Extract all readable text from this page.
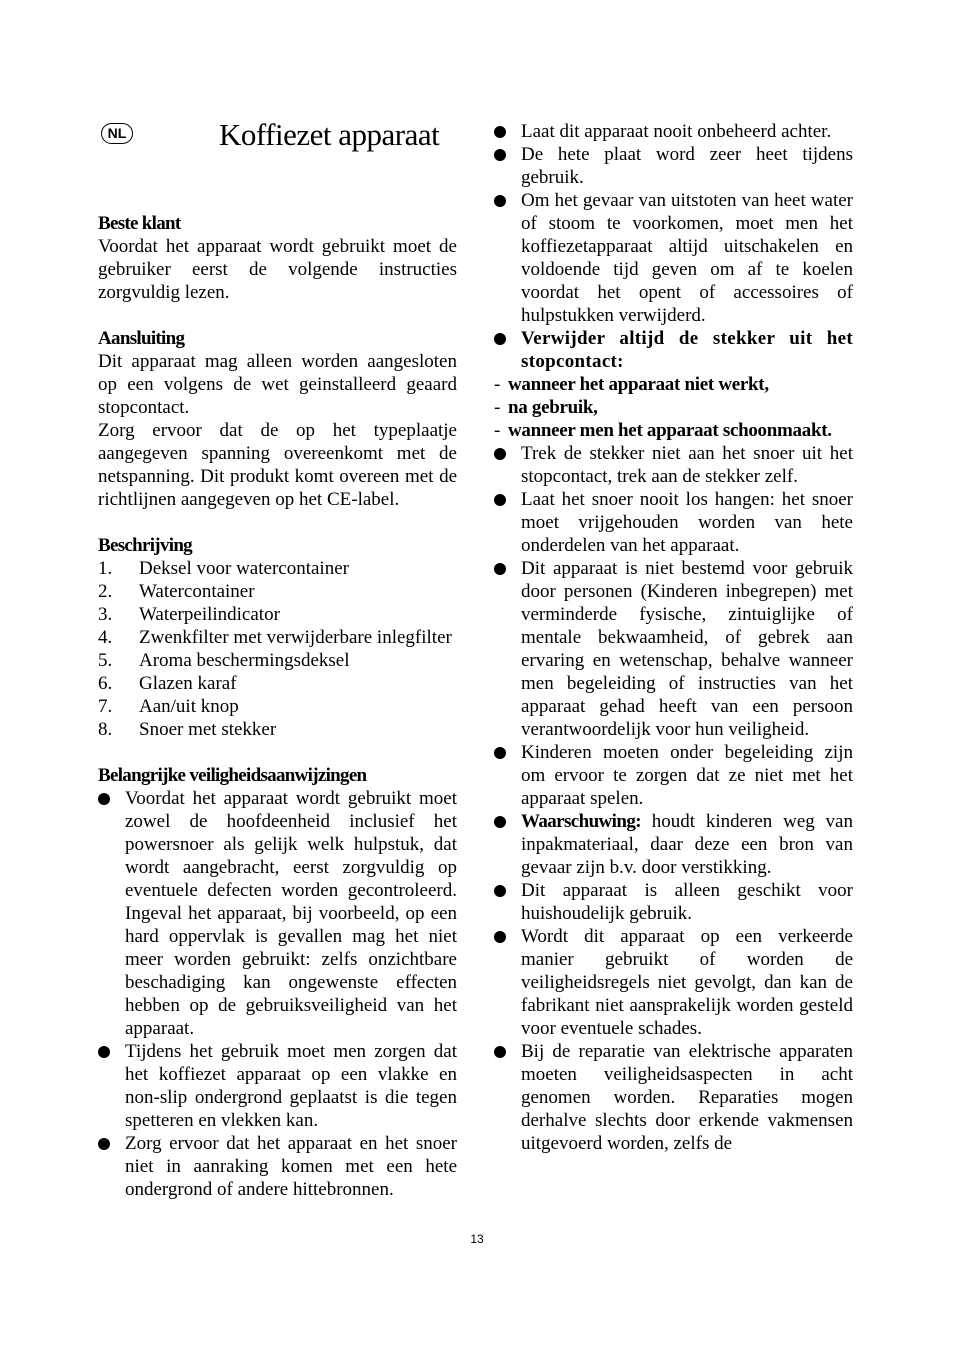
NL	Koffiezet apparaat

Beste klant

Voordat het apparaat wordt gebruikt moet de gebruiker eerst de volgende instructies zorgvuldig lezen.

Aansluiting

Dit apparaat mag alleen worden aangesloten op een volgens de wet geinstalleerd geaard stopcontact.

Zorg ervoor dat de op het typeplaatje aangegeven spanning overeenkomt met de netspanning. Dit produkt komt overeen met de richtlijnen aangegeven op het CE-label.

Beschrijving

1. Deksel voor watercontainer
2. Watercontainer
3. Waterpeilindicator
4. Zwenkfilter met verwijderbare inlegfilter
5. Aroma beschermingsdeksel
6. Glazen karaf
7. Aan/uit knop
8. Snoer met stekker

Belangrijke veiligheidsaanwijzingen

Voordat het apparaat wordt gebruikt moet zowel de hoofdeenheid inclusief het powersnoer als gelijk welk hulpstuk, dat wordt aangebracht, eerst zorgvuldig op eventuele defecten worden gecontroleerd. Ingeval het apparaat, bij voorbeeld, op een hard oppervlak is gevallen mag het niet meer worden gebruikt: zelfs onzichtbare beschadiging kan ongewenste effecten hebben op de gebruiksveiligheid van het apparaat.
Tijdens het gebruik moet men zorgen dat het koffiezet apparaat op een vlakke en non-slip ondergrond geplaatst is die tegen spetteren en vlekken kan.
Zorg ervoor dat het apparaat en het snoer niet in aanraking komen met een hete ondergrond of andere hittebronnen.
Laat dit apparaat nooit onbeheerd achter.
De hete plaat word zeer heet tijdens gebruik.
Om het gevaar van uitstoten van heet water of stoom te voorkomen, moet men het koffiezetapparaat altijd uitschakelen en voldoende tijd geven om af te koelen voordat het opent of accessoires of hulpstukken verwijderd.
Verwijder altijd de stekker uit het stopcontact:
- wanneer het apparaat niet werkt,
- na gebruik,
- wanneer men het apparaat schoonmaakt.
Trek de stekker niet aan het snoer uit het stopcontact, trek aan de stekker zelf.
Laat het snoer nooit los hangen: het snoer moet vrijgehouden worden van hete onderdelen van het apparaat.
Dit apparaat is niet bestemd voor gebruik door personen (Kinderen inbegrepen) met verminderde fysische, zintuiglijke of mentale bekwaamheid, of gebrek aan ervaring en wetenschap, behalve wanneer men begeleiding of instructies van het apparaat gehad heeft van een persoon verantwoordelijk voor hun veiligheid.
Kinderen moeten onder begeleiding zijn om ervoor te zorgen dat ze niet met het apparaat spelen.
Waarschuwing: houdt kinderen weg van inpakmateriaal, daar deze een bron van gevaar zijn b.v. door verstikking.
Dit apparaat is alleen geschikt voor huishoudelijk gebruik.
Wordt dit apparaat op een verkeerde manier gebruikt of worden de veiligheidsregels niet gevolgt, dan kan de fabrikant niet aansprakelijk worden gesteld voor eventuele schades.
Bij de reparatie van elektrische apparaten moeten veiligheidsaspecten in acht genomen worden. Reparaties mogen derhalve slechts door erkende vakmensen uitgevoerd worden, zelfs de
13
